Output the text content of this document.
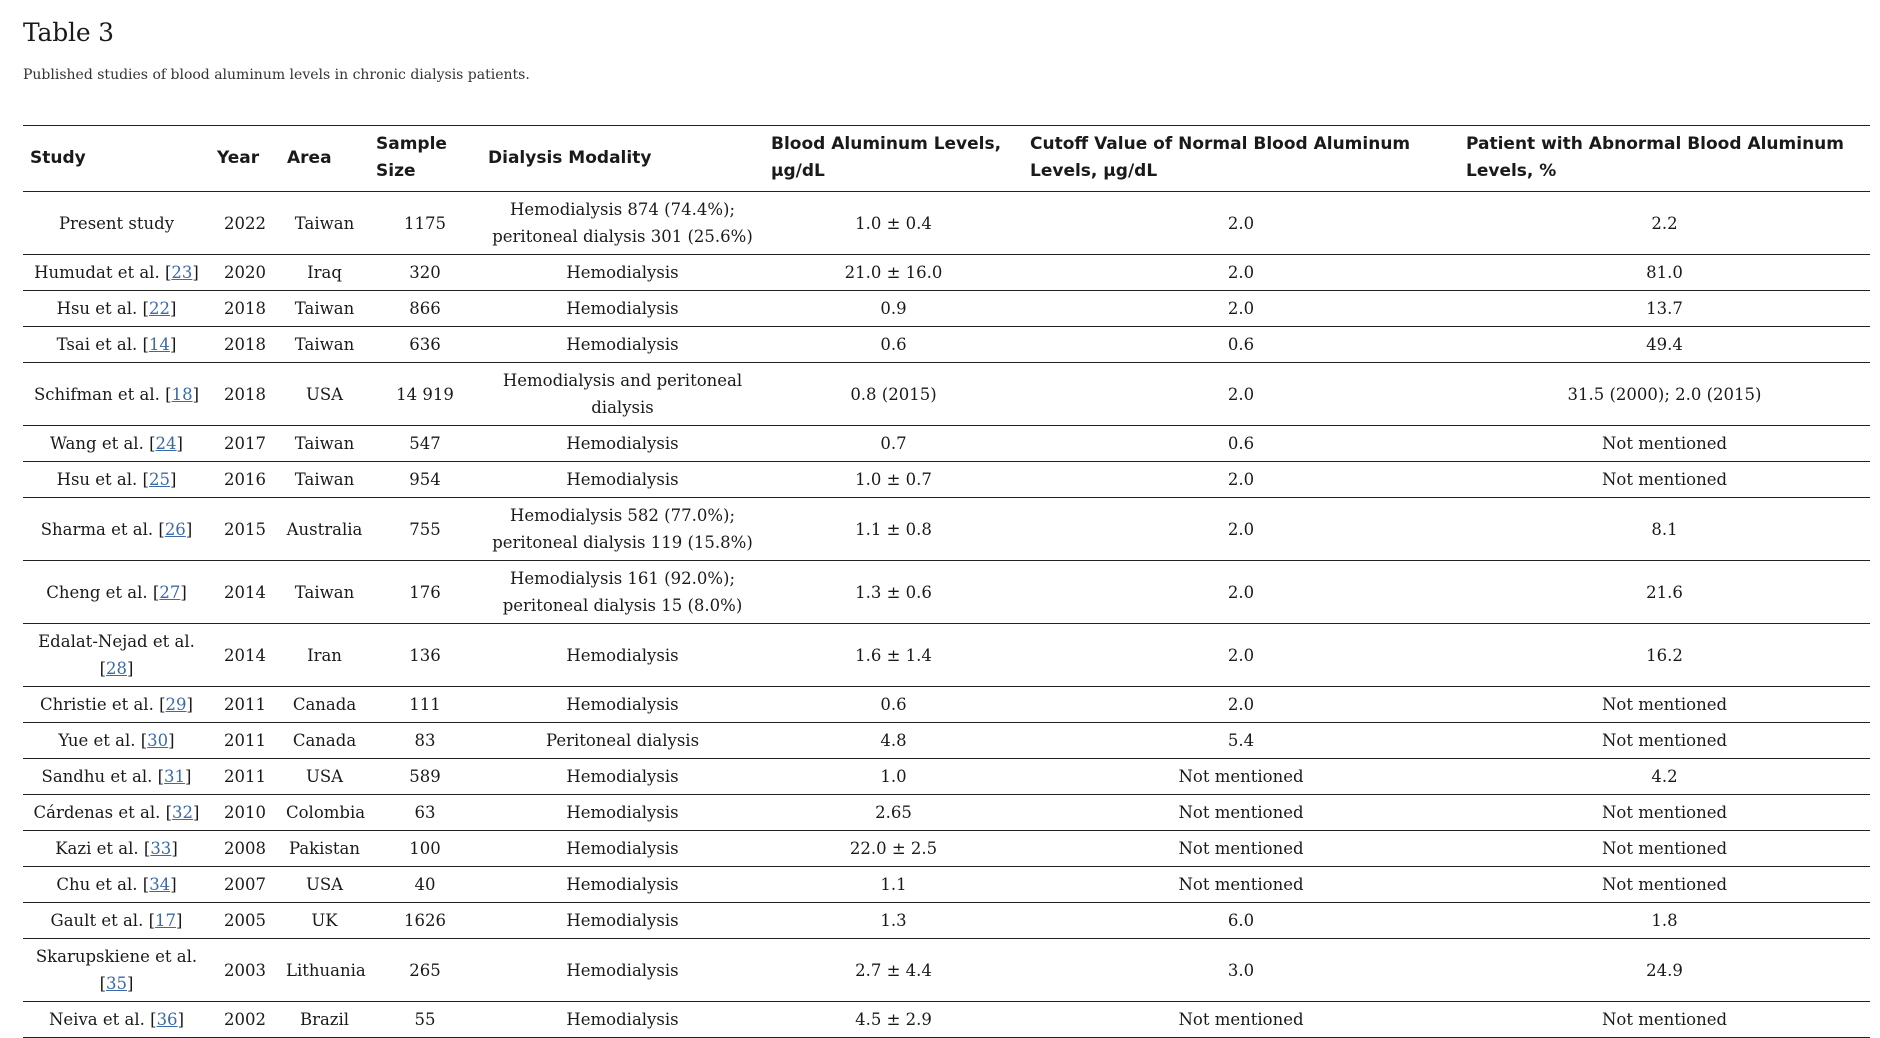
Table 3
Published studies of blood aluminum levels in chronic dialysis patients.
Study	Year	Area	Sample Size	Dialysis Modality	Blood Aluminum Levels, µg/dL	Cutoff Value of Normal Blood Aluminum Levels, µg/dL	Patient with Abnormal Blood Aluminum Levels, %
Present study	2022	Taiwan	1175	Hemodialysis 874 (74.4%); peritoneal dialysis 301 (25.6%)	1.0 ± 0.4	2.0	2.2
Humudat et al. [23]	2020	Iraq	320	Hemodialysis	21.0 ± 16.0	2.0	81.0
Hsu et al. [22]	2018	Taiwan	866	Hemodialysis	0.9	2.0	13.7
Tsai et al. [14]	2018	Taiwan	636	Hemodialysis	0.6	0.6	49.4
Schifman et al. [18]	2018	USA	14 919	Hemodialysis and peritoneal dialysis	0.8 (2015)	2.0	31.5 (2000); 2.0 (2015)
Wang et al. [24]	2017	Taiwan	547	Hemodialysis	0.7	0.6	Not mentioned
Hsu et al. [25]	2016	Taiwan	954	Hemodialysis	1.0 ± 0.7	2.0	Not mentioned
Sharma et al. [26]	2015	Australia	755	Hemodialysis 582 (77.0%); peritoneal dialysis 119 (15.8%)	1.1 ± 0.8	2.0	8.1
Cheng et al. [27]	2014	Taiwan	176	Hemodialysis 161 (92.0%); peritoneal dialysis 15 (8.0%)	1.3 ± 0.6	2.0	21.6
Edalat-Nejad et al. [28]	2014	Iran	136	Hemodialysis	1.6 ± 1.4	2.0	16.2
Christie et al. [29]	2011	Canada	111	Hemodialysis	0.6	2.0	Not mentioned
Yue et al. [30]	2011	Canada	83	Peritoneal dialysis	4.8	5.4	Not mentioned
Sandhu et al. [31]	2011	USA	589	Hemodialysis	1.0	Not mentioned	4.2
Cárdenas et al. [32]	2010	Colombia	63	Hemodialysis	2.65	Not mentioned	Not mentioned
Kazi et al. [33]	2008	Pakistan	100	Hemodialysis	22.0 ± 2.5	Not mentioned	Not mentioned
Chu et al. [34]	2007	USA	40	Hemodialysis	1.1	Not mentioned	Not mentioned
Gault et al. [17]	2005	UK	1626	Hemodialysis	1.3	6.0	1.8
Skarupskiene et al. [35]	2003	Lithuania	265	Hemodialysis	2.7 ± 4.4	3.0	24.9
Neiva et al. [36]	2002	Brazil	55	Hemodialysis	4.5 ± 2.9	Not mentioned	Not mentioned
